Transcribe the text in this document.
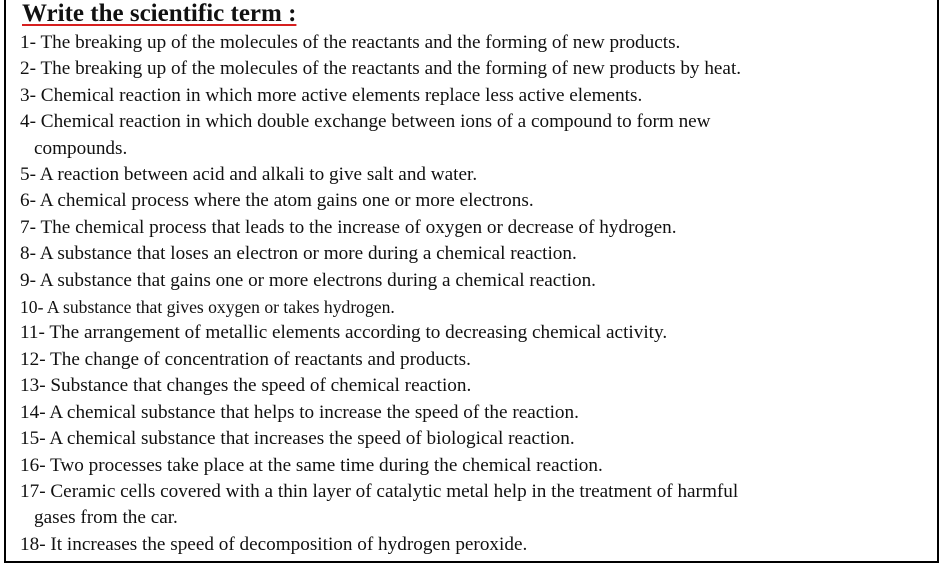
Write the scientific term :
1- The breaking up of the molecules of the reactants and the forming of new products.
2- The breaking up of the molecules of the reactants and the forming of new products by heat.
3- Chemical reaction in which more active elements replace less active elements.
4- Chemical reaction in which double exchange between ions of a compound to form new
compounds.
5- A reaction between acid and alkali to give salt and water.
6- A chemical process where the atom gains one or more electrons.
7- The chemical process that leads to the increase of oxygen or decrease of hydrogen.
8- A substance that loses an electron or more during a chemical reaction.
9- A substance that gains one or more electrons during a chemical reaction.
10- A substance that gives oxygen or takes hydrogen.
11- The arrangement of metallic elements according to decreasing chemical activity.
12- The change of concentration of reactants and products.
13- Substance that changes the speed of chemical reaction.
14- A chemical substance that helps to increase the speed of the reaction.
15- A chemical substance that increases the speed of biological reaction.
16- Two processes take place at the same time during the chemical reaction.
17- Ceramic cells covered with a thin layer of catalytic metal help in the treatment of harmful
gases from the car.
18- It increases the speed of decomposition of hydrogen peroxide.
